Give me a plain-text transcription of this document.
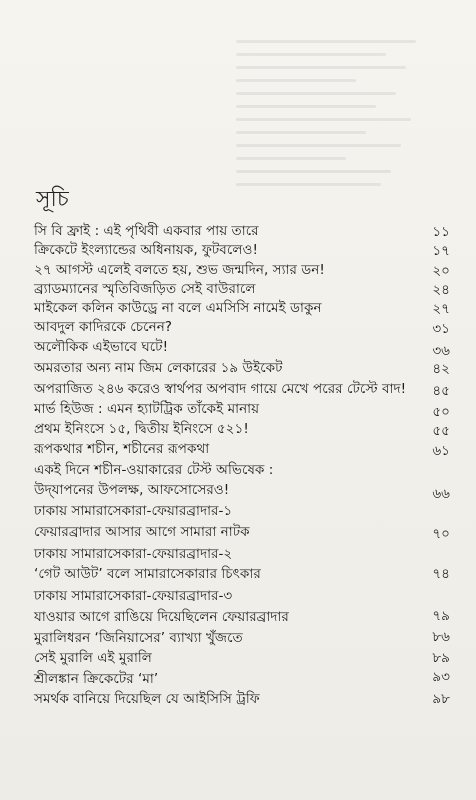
সূচি
সি বি ফ্রাই : এই পৃথিবী একবার পায় তারে	১১
ক্রিকেটে ইংল্যান্ডের অধিনায়ক, ফুটবলেও!	১৭
২৭ আগস্ট এলেই বলতে হয়, শুভ জন্মদিন, স্যার ডন!	২০
ব্র্যাডম্যানের স্মৃতিবিজড়িত সেই বাউরালে	২৪
মাইকেল কলিন কাউড্রে না বলে এমসিসি নামেই ডাকুন	২৭
আবদুল কাদিরকে চেনেন?	৩১
অলৌকিক এইভাবে ঘটে!	৩৬
অমরতার অন্য নাম জিম লেকারের ১৯ উইকেট	৪২
অপরাজিত ২৪৬ করেও স্বার্থপর অপবাদ গায়ে মেখে পরের টেস্টে বাদ!	৪৫
মার্ভ হিউজ : এমন হ্যাটট্রিক তাঁকেই মানায়	৫০
প্রথম ইনিংসে ১৫, দ্বিতীয় ইনিংসে ৫২১!	৫৫
রূপকথার শচীন, শচীনের রূপকথা	৬১
একই দিনে শচীন-ওয়াকারের টেস্ট অভিষেক :
উদ্‌যাপনের উপলক্ষ, আফসোসেরও!	৬৬
ঢাকায় সামারাসেকারা-ফেয়ারব্রাদার-১
ফেয়ারব্রাদার আসার আগে সামারা নাটক	৭০
ঢাকায় সামারাসেকারা-ফেয়ারব্রাদার-২
‘গেট আউট’ বলে সামারাসেকারার চিৎকার	৭৪
ঢাকায় সামারাসেকারা-ফেয়ারব্রাদার-৩
যাওয়ার আগে রাঙিয়ে দিয়েছিলেন ফেয়ারব্রাদার	৭৯
মুরালিধরন ‘জিনিয়াসের’ ব্যাখ্যা খুঁজতে	৮৬
সেই মুরালি এই মুরালি	৮৯
শ্রীলঙ্কান ক্রিকেটের ‘মা’	৯৩
সমর্থক বানিয়ে দিয়েছিল যে আইসিসি ট্রফি	৯৮
